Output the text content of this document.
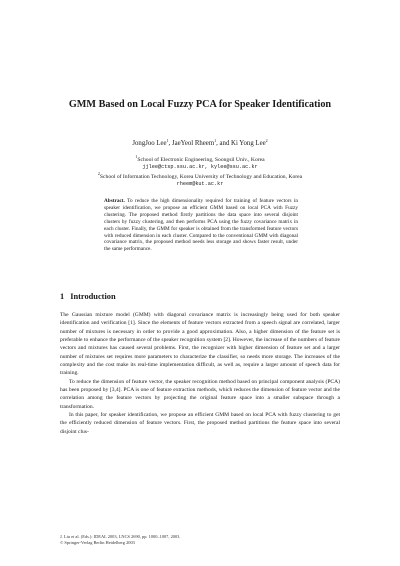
GMM Based on Local Fuzzy PCA for Speaker Identification
JongJoo Lee$^1$, JaeYeol Rheem$^1$, and Ki Yong Lee$^2$
$^1$School of Electronic Engineering, Soongsil Univ., Korea
jjlee@ctsp.ssu.ac.kr, kylee@ssu.ac.kr
$^2$School of Information Technology, Korea University of Technology and Education, Korea
rheem@kut.ac.kr
Abstract. To reduce the high dimensionality required for training of feature vectors in speaker identification, we propose an efficient GMM based on local PCA with Fuzzy clustering. The proposed method firstly partitions the data space into several disjoint clusters by fuzzy clustering, and then performs PCA using the fuzzy covariance matrix in each cluster. Finally, the GMM for speaker is obtained from the transformed feature vectors with reduced dimension in each cluster. Compared to the conventional GMM with diagonal covariance matrix, the proposed method needs less storage and shows faster result, under the same performance.
1 Introduction

The Gaussian mixture model (GMM) with diagonal covariance matrix is increasingly being used for both speaker identification and verification [1]. Since the elements of feature vectors extracted from a speech signal are correlated, larger number of mixtures is necessary in order to provide a good approximation. Also, a higher dimension of the feature set is preferable to enhance the performance of the speaker recognition system [2]. However, the increase of the numbers of feature vectors and mixtures has caused several problems. First, the recognizer with higher dimension of feature set and a larger number of mixtures set requires more parameters to characterize the classifier, so needs more storage. The increases of the complexity and the cost make its real-time implementation difficult, as well as, require a larger amount of speech data for training.

To reduce the dimension of feature vector, the speaker recognition method based on principal component analysis (PCA) has been proposed by [3,4]. PCA is one of feature extraction methods, which reduces the dimension of feature vector and the correlation among the feature vectors by projecting the original feature space into a smaller subspace through a transformation.

In this paper, for speaker identification, we propose an efficient GMM based on local PCA with fuzzy clustering to get the efficiently reduced dimension of feature vectors. First, the proposed method partitions the feature space into several disjoint clus-

J. Liu et al. (Eds.): IDEAL 2003, LNCS 2690, pp. 1000–1007, 2003.
© Springer-Verlag Berlin Heidelberg 2003
